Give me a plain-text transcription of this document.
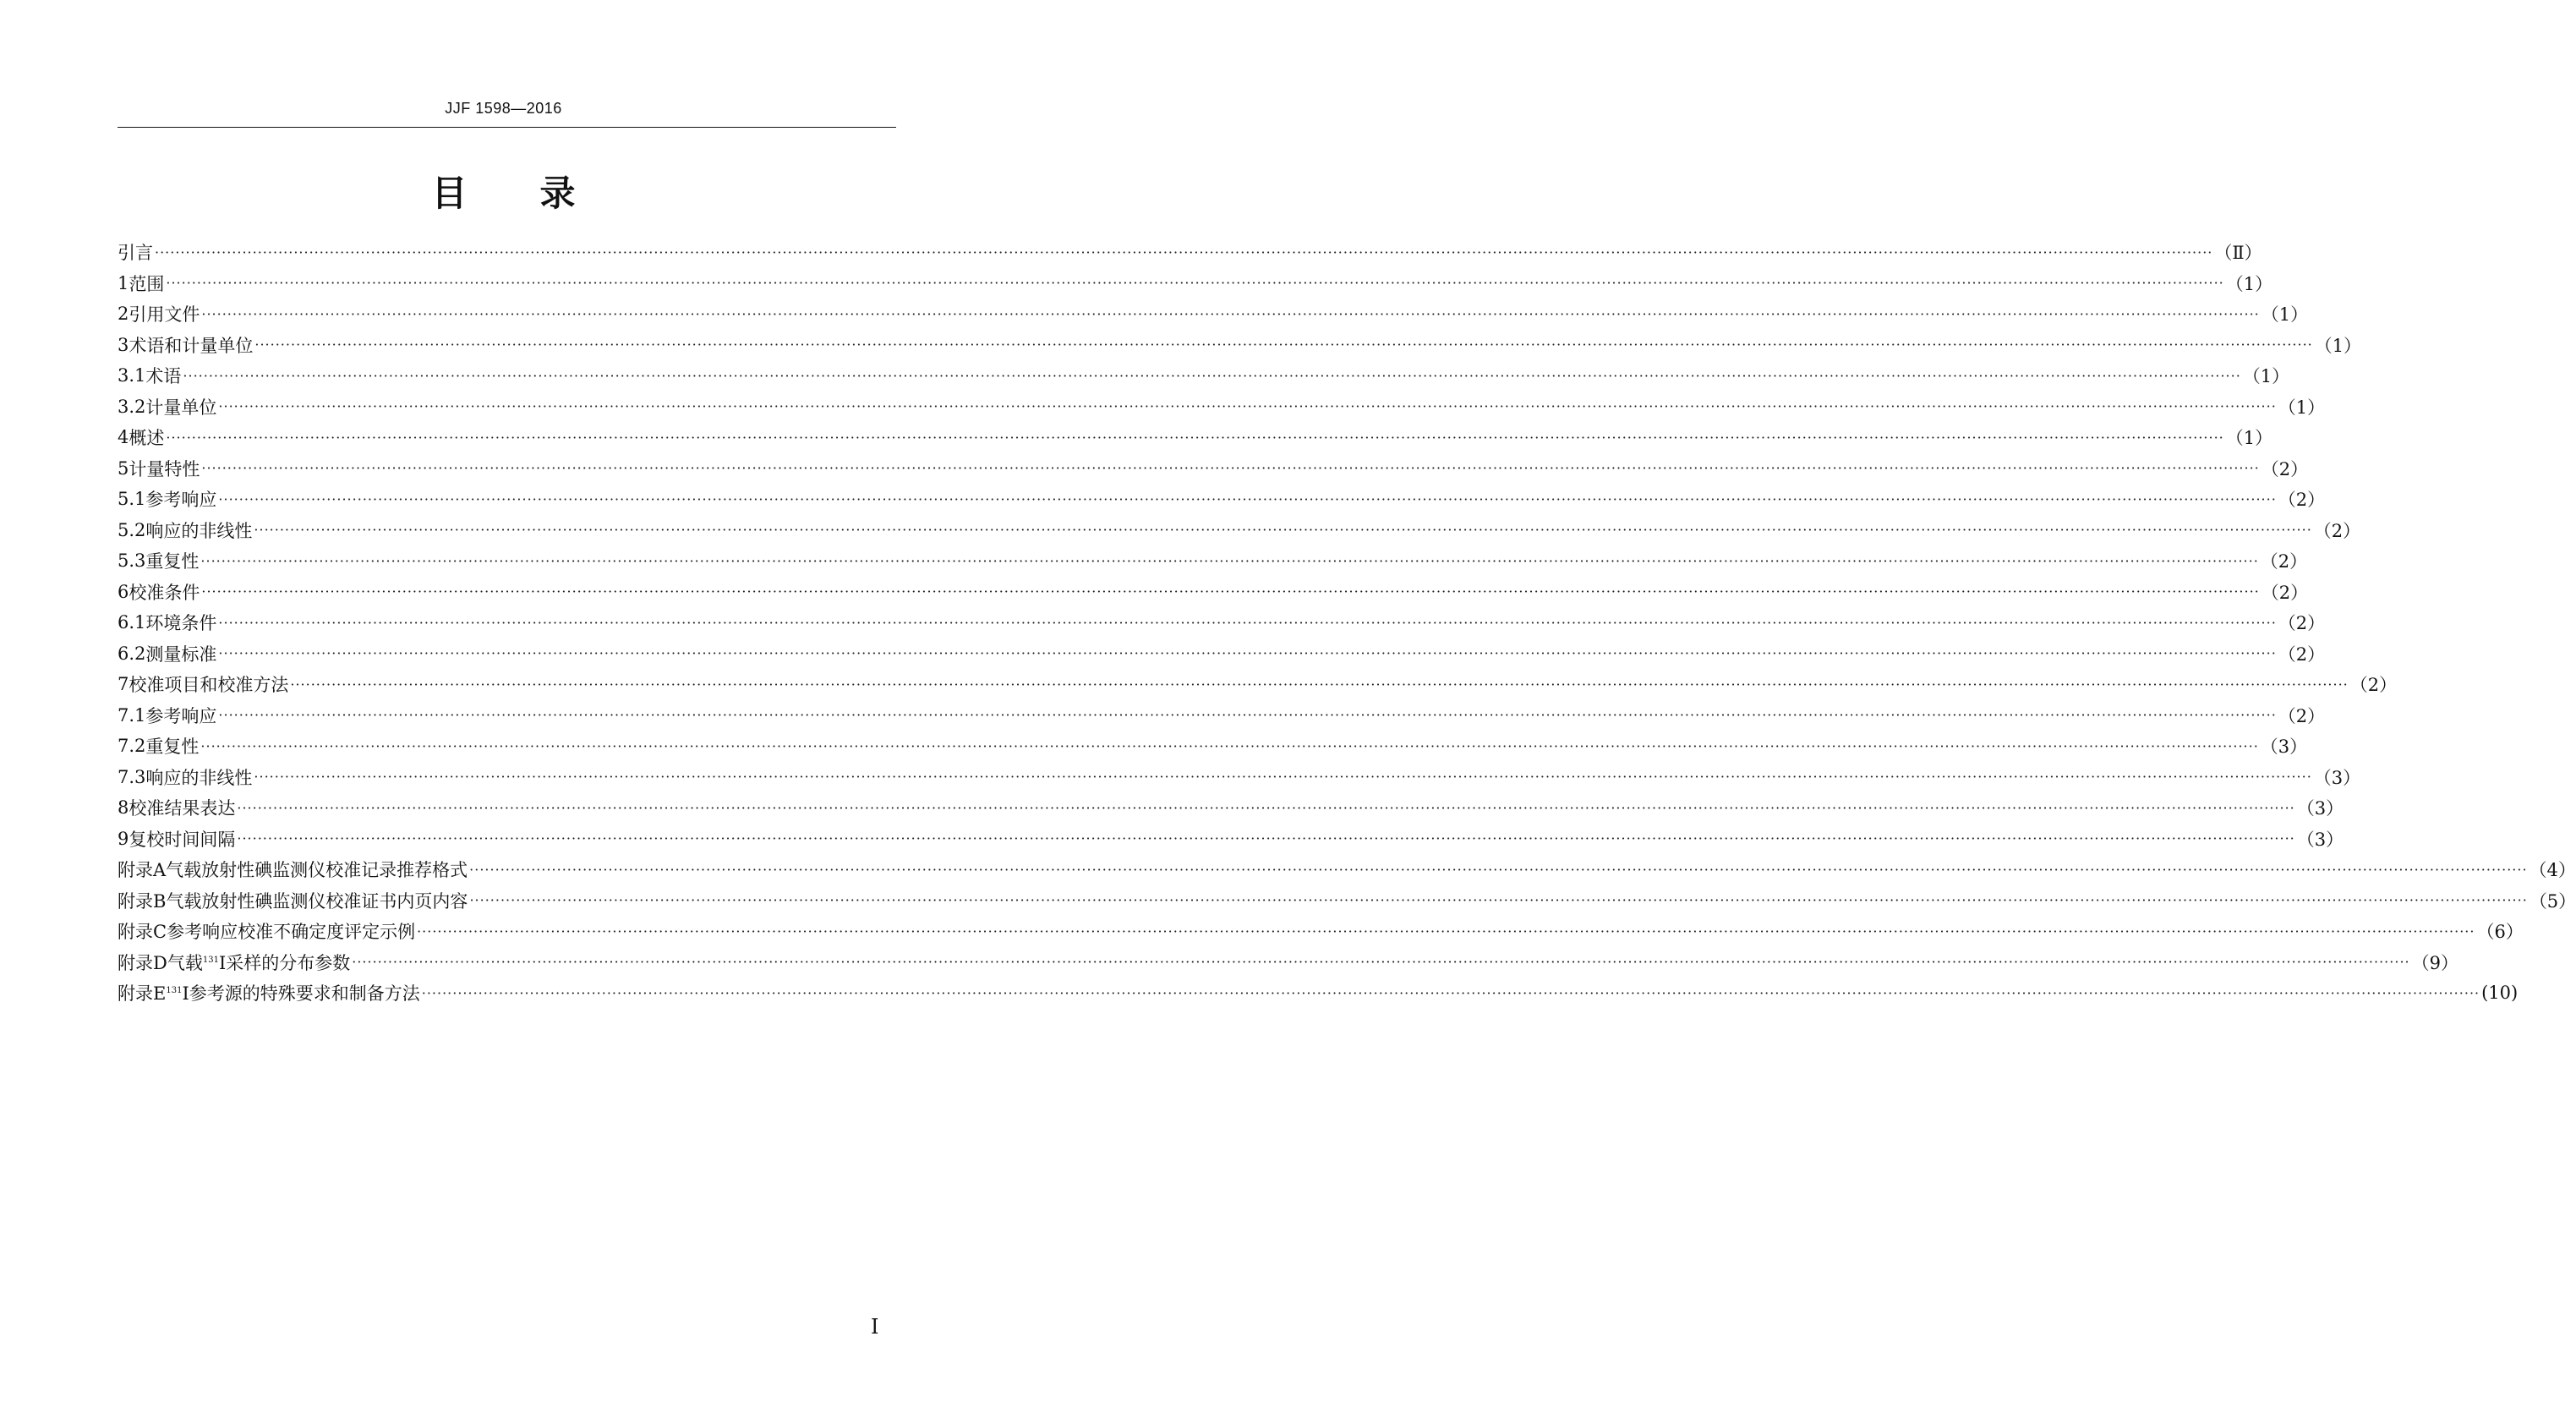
JJF 1598—2016
目 录
引言 ················································································································································································································································································································································································································ （Ⅱ）
1 范围 ················································································································································································································································································································································································································ （1）
2 引用文件 ················································································································································································································································································································································································································ （1）
3 术语和计量单位 ················································································································································································································································································································································································································ （1）
3.1 术语 ················································································································································································································································································································································································································ （1）
3.2 计量单位 ················································································································································································································································································································································································································ （1）
4 概述 ················································································································································································································································································································································································································ （1）
5 计量特性 ················································································································································································································································································································································································································ （2）
5.1 参考响应 ················································································································································································································································································································································································································ （2）
5.2 响应的非线性 ················································································································································································································································································································································································································ （2）
5.3 重复性 ················································································································································································································································································································································································································ （2）
6 校准条件 ················································································································································································································································································································································································································ （2）
6.1 环境条件 ················································································································································································································································································································································································································ （2）
6.2 测量标准 ················································································································································································································································································································································································································ （2）
7 校准项目和校准方法 ················································································································································································································································································································································································································ （2）
7.1 参考响应 ················································································································································································································································································································································································································ （2）
7.2 重复性 ················································································································································································································································································································································································································ （3）
7.3 响应的非线性 ················································································································································································································································································································································································································ （3）
8 校准结果表达 ················································································································································································································································································································································································································ （3）
9 复校时间间隔 ················································································································································································································································································································································································································ （3）
附录A 气载放射性碘监测仪校准记录推荐格式 ················································································································································································································································································································································································································ （4）
附录B 气载放射性碘监测仪校准证书内页内容 ················································································································································································································································································································································································································ （5）
附录C 参考响应校准不确定度评定示例 ················································································································································································································································································································································································································ （6）
附录D 气载$^{131}$I采样的分布参数 ················································································································································································································································································································································································································ （9）
附录E $^{131}$I参考源的特殊要求和制备方法 ················································································································································································································································································································································································································ (10)
I
